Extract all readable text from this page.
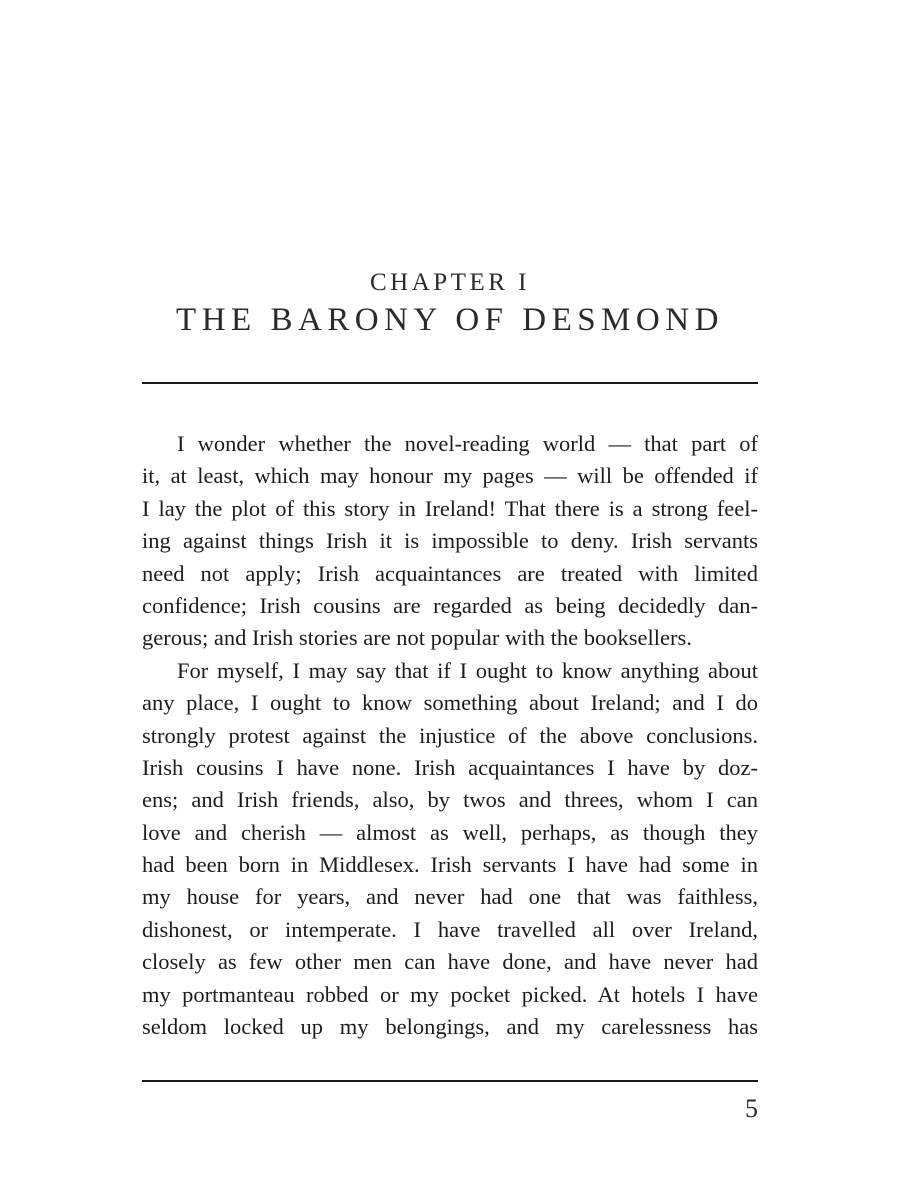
CHAPTER I
THE BARONY OF DESMOND
I wonder whether the novel-reading world — that part of
it, at least, which may honour my pages — will be offended if
I lay the plot of this story in Ireland! That there is a strong feel-
ing against things Irish it is impossible to deny. Irish servants
need not apply; Irish acquaintances are treated with limited
confidence; Irish cousins are regarded as being decidedly dan-
gerous; and Irish stories are not popular with the booksellers.
For myself, I may say that if I ought to know anything about
any place, I ought to know something about Ireland; and I do
strongly protest against the injustice of the above conclusions.
Irish cousins I have none. Irish acquaintances I have by doz-
ens; and Irish friends, also, by twos and threes, whom I can
love and cherish — almost as well, perhaps, as though they
had been born in Middlesex. Irish servants I have had some in
my house for years, and never had one that was faithless,
dishonest, or intemperate. I have travelled all over Ireland,
closely as few other men can have done, and have never had
my portmanteau robbed or my pocket picked. At hotels I have
seldom locked up my belongings, and my carelessness has
5
